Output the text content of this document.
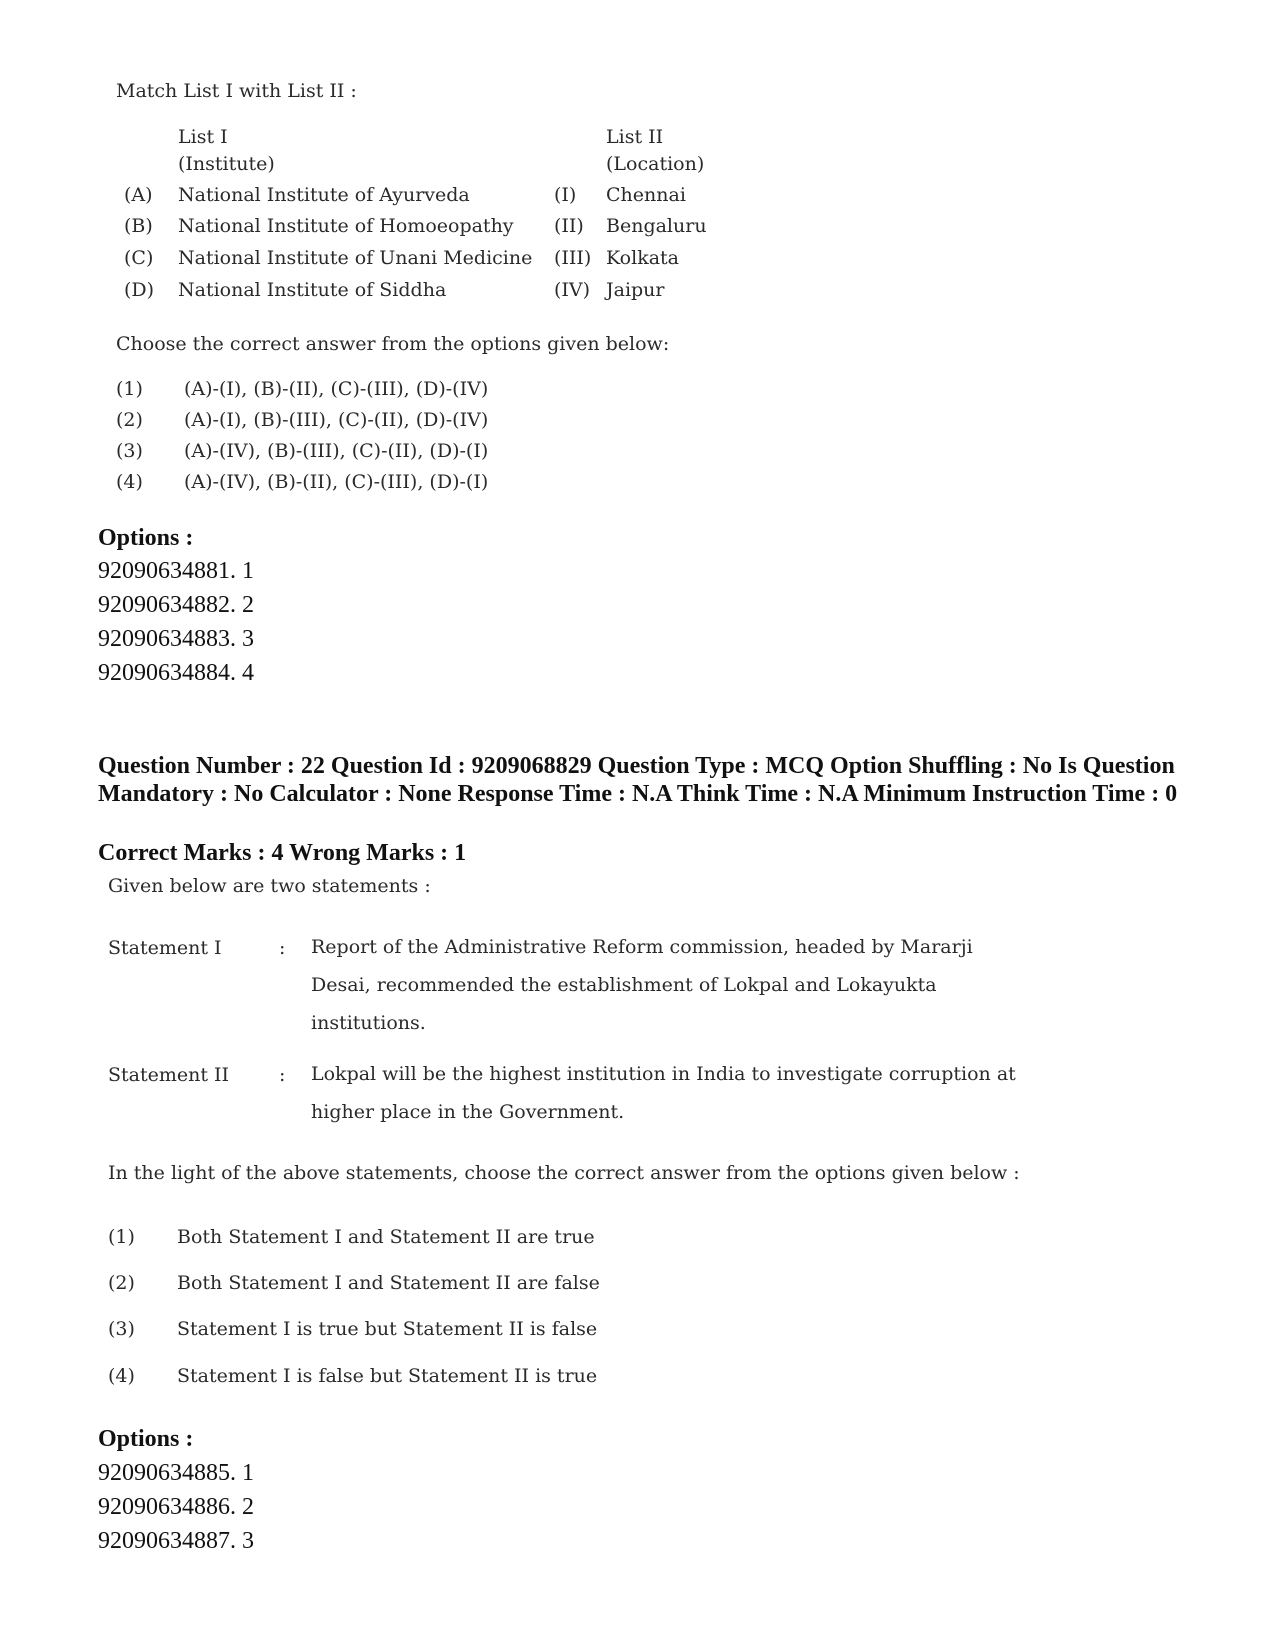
Match List I with List II :
List I
(Institute)
List II
(Location)
(A) National Institute of Ayurveda	(I) Chennai
(B) National Institute of Homoeopathy (II) Bengaluru
(C) National Institute of Unani Medicine (III) Kolkata
(D) National Institute of Siddha	(IV) Jaipur
Choose the correct answer from the options given below:
(1) (A)-(I), (B)-(II), (C)-(III), (D)-(IV)
(2) (A)-(I), (B)-(III), (C)-(II), (D)-(IV)
(3) (A)-(IV), (B)-(III), (C)-(II), (D)-(I)
(4) (A)-(IV), (B)-(II), (C)-(III), (D)-(I)
Options :
92090634881. 1
92090634882. 2
92090634883. 3
92090634884. 4
Question Number : 22 Question Id : 9209068829 Question Type : MCQ Option Shuffling : No Is Question Mandatory : No Calculator : None Response Time : N.A Think Time : N.A Minimum Instruction Time : 0
Correct Marks : 4 Wrong Marks : 1
Given below are two statements :
Statement I	: Report of the Administrative Reform commission, headed by Mararji Desai, recommended the establishment of Lokpal and Lokayukta institutions.
Statement II	: Lokpal will be the highest institution in India to investigate corruption at higher place in the Government.
In the light of the above statements, choose the correct answer from the options given below :
(1) Both Statement I and Statement II are true
(2) Both Statement I and Statement II are false
(3) Statement I is true but Statement II is false
(4) Statement I is false but Statement II is true
Options :
92090634885. 1
92090634886. 2
92090634887. 3
